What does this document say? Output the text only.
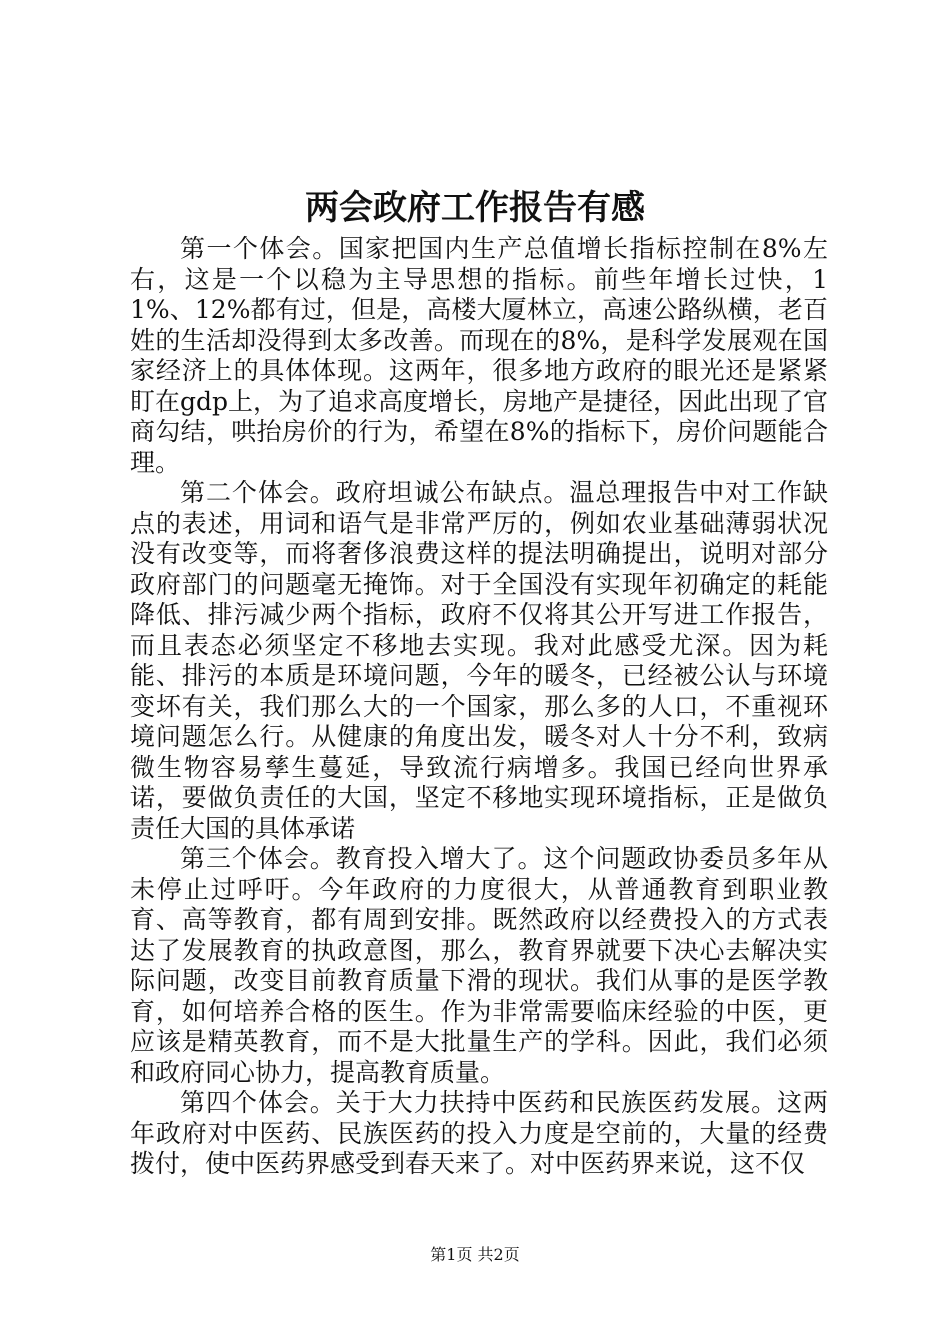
两会政府工作报告有感

第一个体会。国家把国内生产总值增长指标控制在8%左右，这是一个以稳为主导思想的指标。前些年增长过快，11%、12%都有过，但是，高楼大厦林立，高速公路纵横，老百姓的生活却没得到太多改善。而现在的8%，是科学发展观在国家经济上的具体体现。这两年，很多地方政府的眼光还是紧紧盯在gdp上，为了追求高度增长，房地产是捷径，因此出现了官商勾结，哄抬房价的行为，希望在8%的指标下，房价问题能合理。

第二个体会。政府坦诚公布缺点。温总理报告中对工作缺点的表述，用词和语气是非常严厉的，例如农业基础薄弱状况没有改变等，而将奢侈浪费这样的提法明确提出，说明对部分政府部门的问题毫无掩饰。对于全国没有实现年初确定的耗能降低、排污减少两个指标，政府不仅将其公开写进工作报告，而且表态必须坚定不移地去实现。我对此感受尤深。因为耗能、排污的本质是环境问题，今年的暖冬，已经被公认与环境变坏有关，我们那么大的一个国家，那么多的人口，不重视环境问题怎么行。从健康的角度出发，暖冬对人十分不利，致病微生物容易孳生蔓延，导致流行病增多。我国已经向世界承诺，要做负责任的大国，坚定不移地实现环境指标，正是做负责任大国的具体承诺

第三个体会。教育投入增大了。这个问题政协委员多年从未停止过呼吁。今年政府的力度很大，从普通教育到职业教育、高等教育，都有周到安排。既然政府以经费投入的方式表达了发展教育的执政意图，那么，教育界就要下决心去解决实际问题，改变目前教育质量下滑的现状。我们从事的是医学教育，如何培养合格的医生。作为非常需要临床经验的中医，更应该是精英教育，而不是大批量生产的学科。因此，我们必须和政府同心协力，提高教育质量。

第四个体会。关于大力扶持中医药和民族医药发展。这两年政府对中医药、民族医药的投入力度是空前的，大量的经费拨付，使中医药界感受到春天来了。对中医药界来说，这不仅

第1页 共2页
